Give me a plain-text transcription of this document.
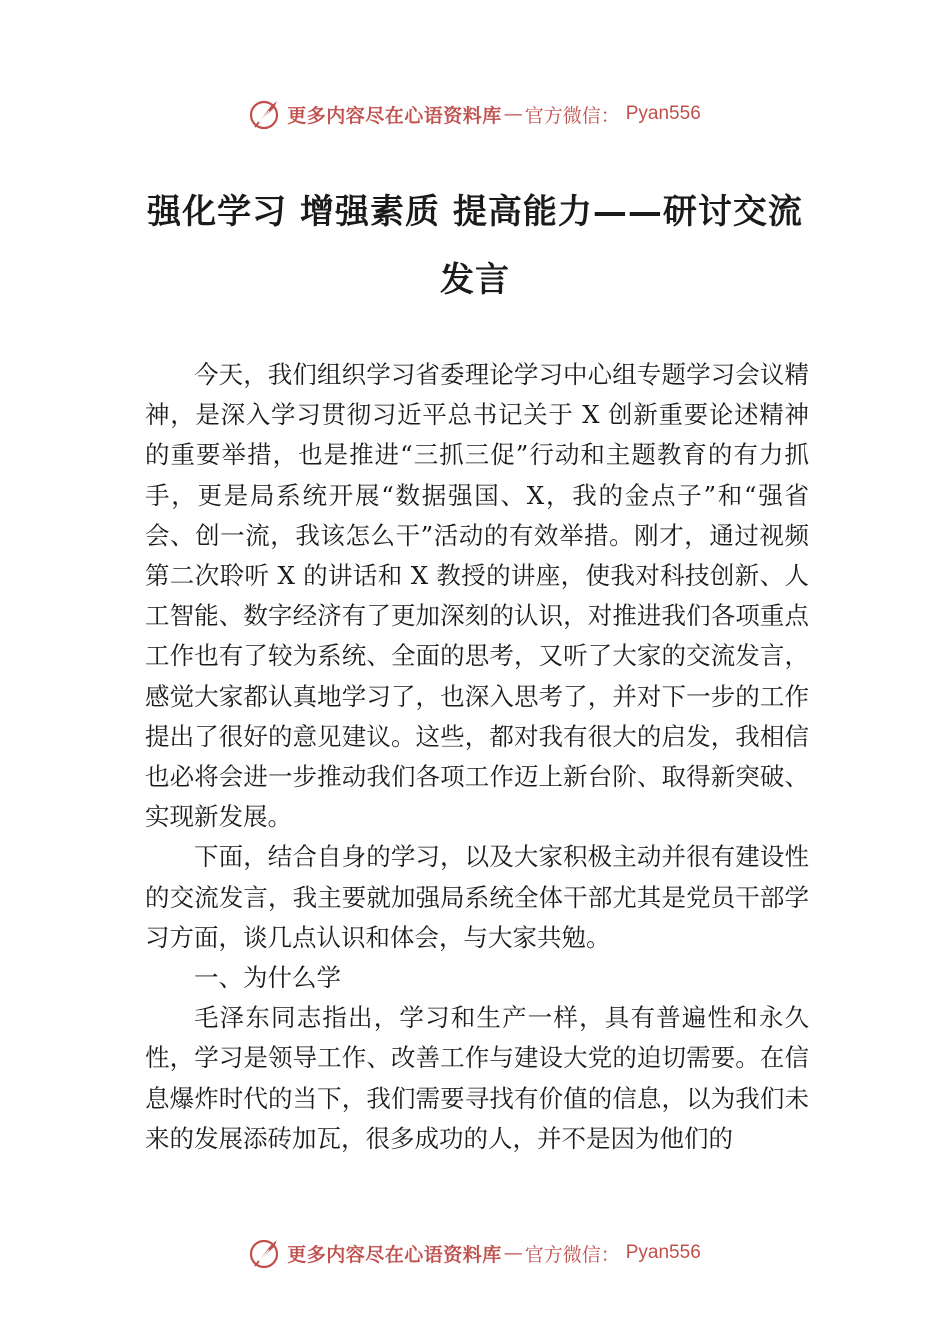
更多内容尽在心语资料库 — 官方微信： Pyan556
强化学习 增强素质 提高能力——研讨交流发言

今天，我们组织学习省委理论学习中心组专题学习会议精神，是深入学习贯彻习近平总书记关于 X 创新重要论述精神的重要举措，也是推进“三抓三促”行动和主题教育的有力抓手，更是局系统开展“数据强国、X，我的金点子”和“强省会、创一流，我该怎么干”活动的有效举措。刚才，通过视频第二次聆听 X 的讲话和 X 教授的讲座，使我对科技创新、人工智能、数字经济有了更加深刻的认识，对推进我们各项重点工作也有了较为系统、全面的思考，又听了大家的交流发言，感觉大家都认真地学习了，也深入思考了，并对下一步的工作提出了很好的意见建议。这些，都对我有很大的启发，我相信也必将会进一步推动我们各项工作迈上新台阶、取得新突破、实现新发展。

下面，结合自身的学习，以及大家积极主动并很有建设性的交流发言，我主要就加强局系统全体干部尤其是党员干部学习方面，谈几点认识和体会，与大家共勉。

一、为什么学

毛泽东同志指出，学习和生产一样，具有普遍性和永久性，学习是领导工作、改善工作与建设大党的迫切需要。在信息爆炸时代的当下，我们需要寻找有价值的信息，以为我们未来的发展添砖加瓦，很多成功的人，并不是因为他们的

更多内容尽在心语资料库 — 官方微信： Pyan556
